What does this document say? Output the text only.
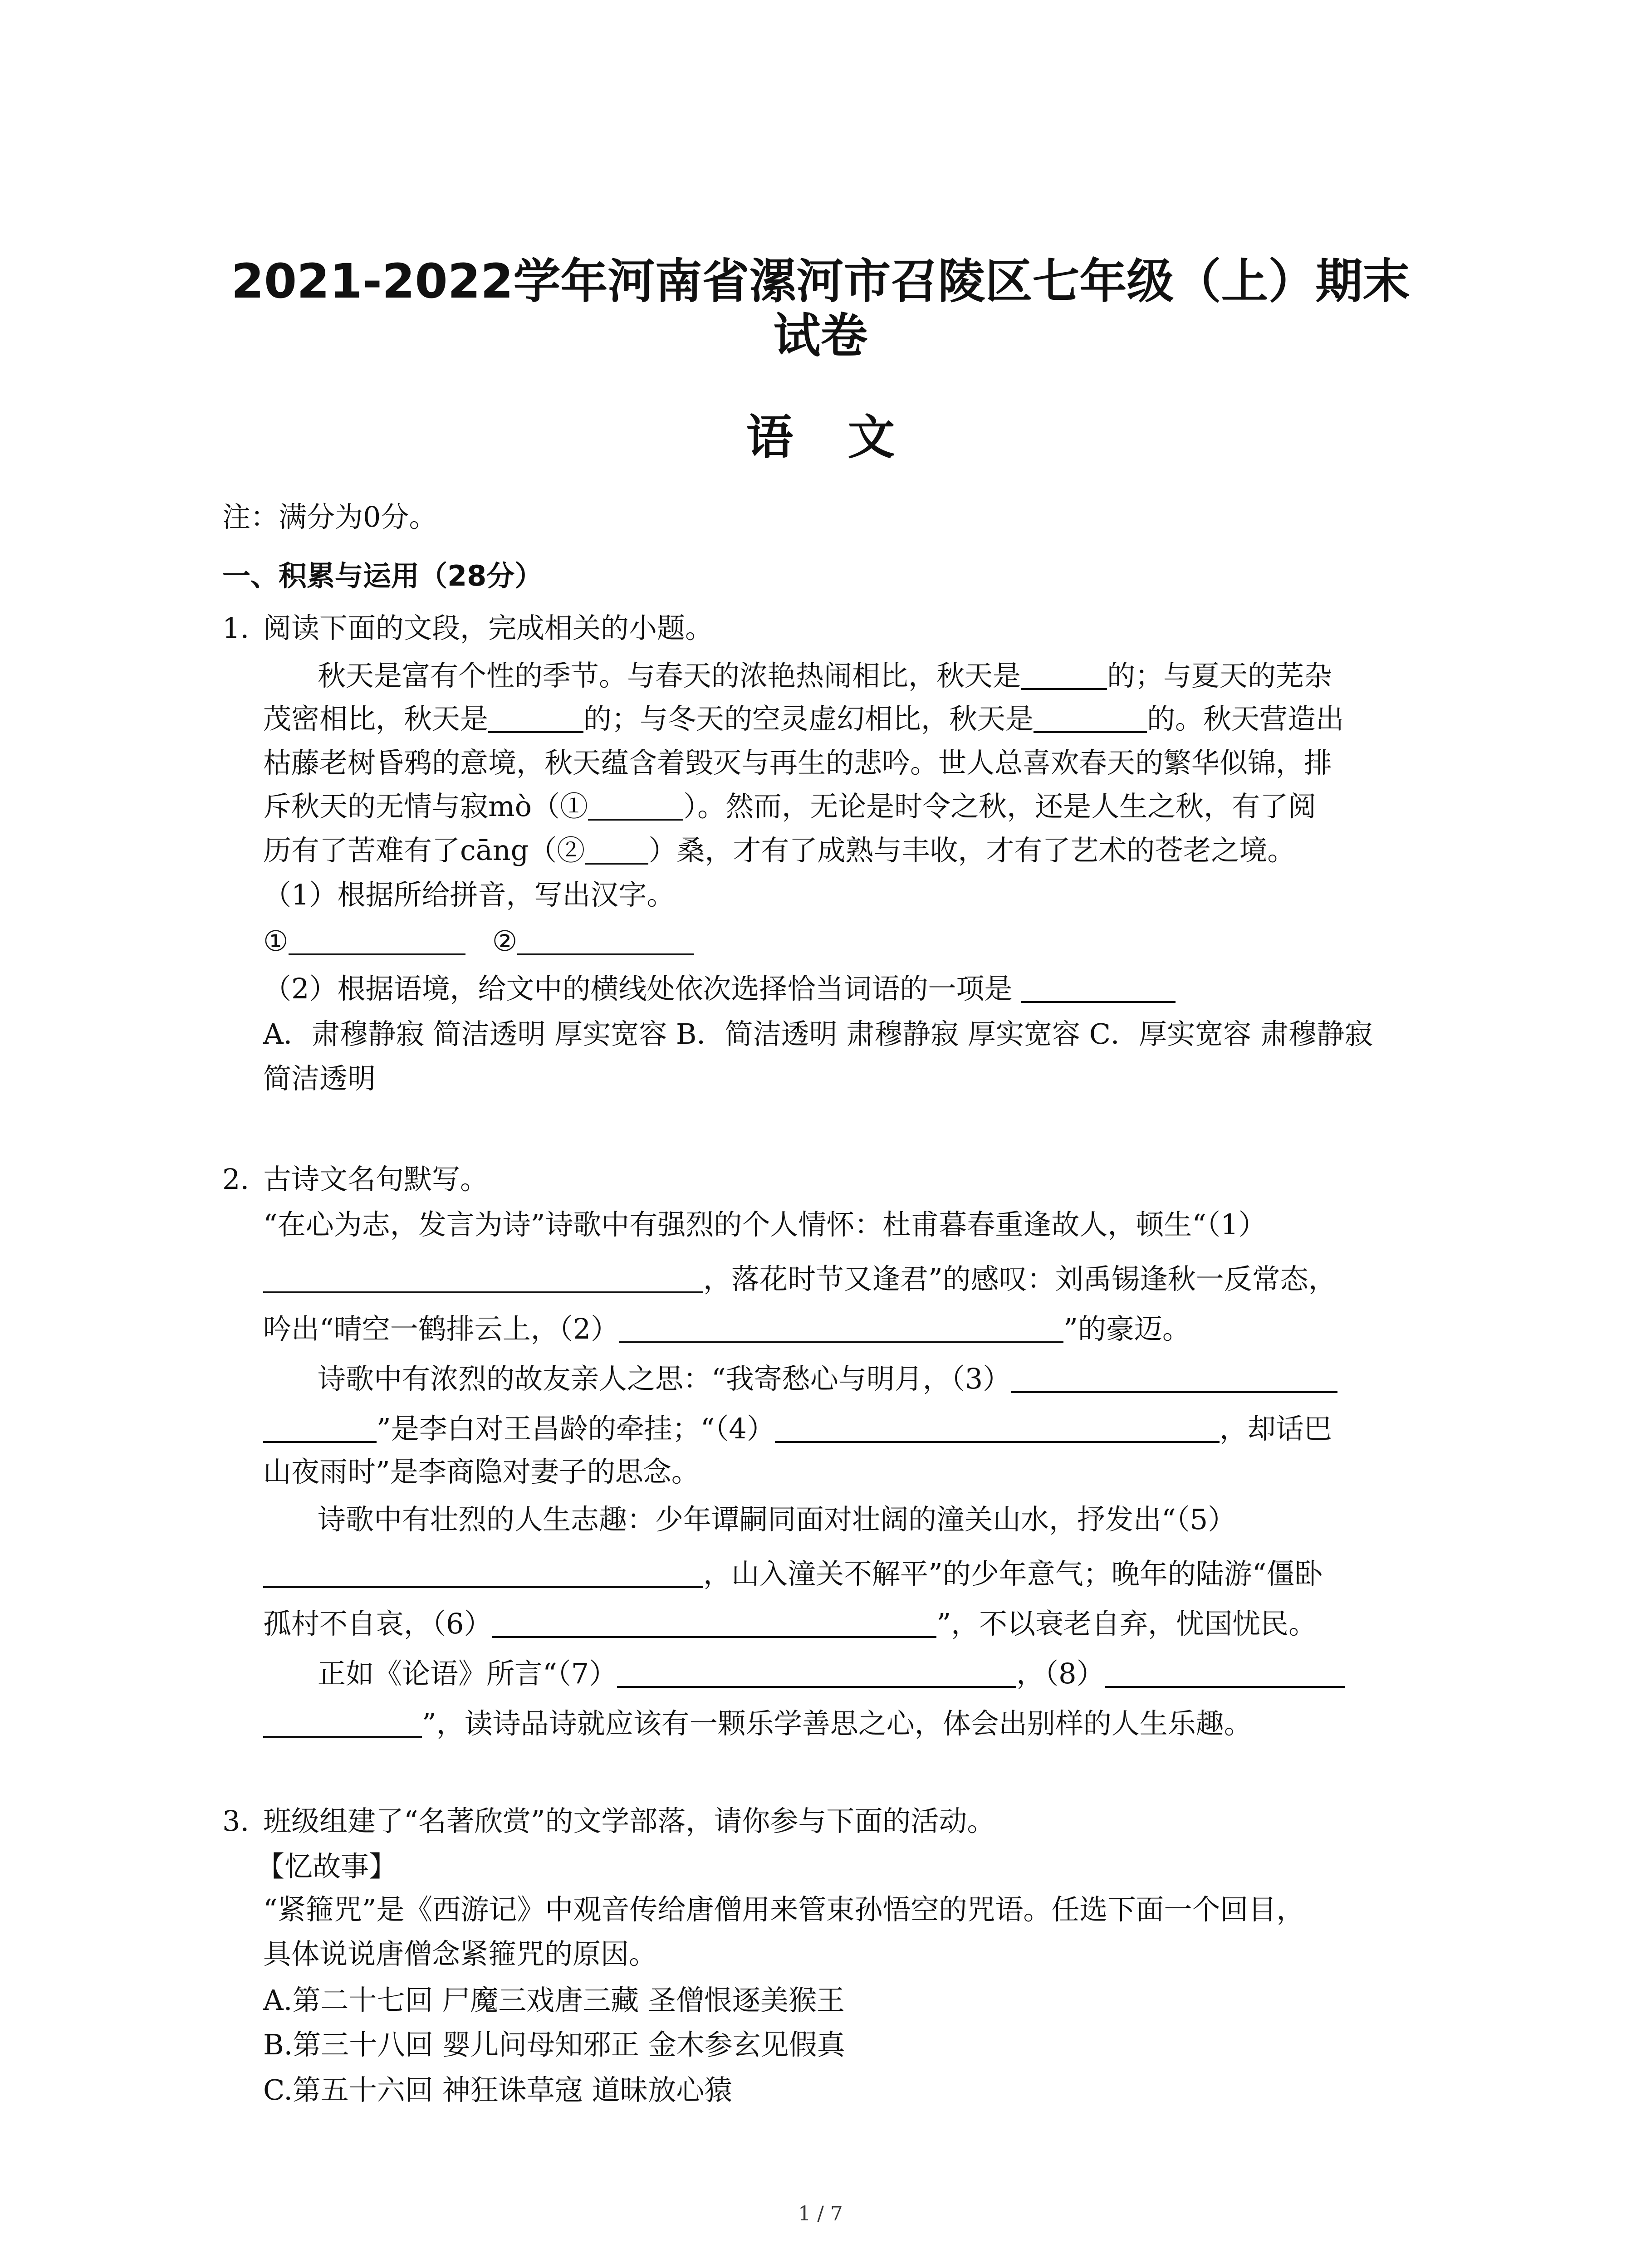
2021-2022学年河南省漯河市召陵区七年级（上）期末
试卷
语文
注：满分为0分。
一、积累与运用（28分）
1. 阅读下面的文段，完成相关的小题。
秋天是富有个性的季节。与春天的浓艳热闹相比，秋天是	的；与夏天的芜杂
茂密相比，秋天是	的；与冬天的空灵虚幻相比，秋天是	的。秋天营造出
枯藤老树昏鸦的意境，秋天蕴含着毁灭与再生的悲吟。世人总喜欢春天的繁华似锦，排
斥秋天的无情与寂mò（①	）。然而，无论是时令之秋，还是人生之秋，有了阅
历有了苦难有了cāng（② ）桑，才有了成熟与丰收，才有了艺术的苍老之境。
（1）根据所给拼音，写出汉字。
①	②
（2）根据语境，给文中的横线处依次选择恰当词语的一项是
A．肃穆静寂 简洁透明 厚实宽容 B．简洁透明 肃穆静寂 厚实宽容 C．厚实宽容 肃穆静寂
简洁透明
2. 古诗文名句默写。
“在心为志，发言为诗”诗歌中有强烈的个人情怀：杜甫暮春重逢故人，顿生“（1）
，落花时节又逢君”的感叹：刘禹锡逢秋一反常态，
吟出“晴空一鹤排云上，（2）	”的豪迈。
诗歌中有浓烈的故友亲人之思：“我寄愁心与明月，（3）
”是李白对王昌龄的牵挂；“（4）	，却话巴
山夜雨时”是李商隐对妻子的思念。
诗歌中有壮烈的人生志趣：少年谭嗣同面对壮阔的潼关山水，抒发出“（5）
，山入潼关不解平”的少年意气；晚年的陆游“僵卧
孤村不自哀，（6）	”，不以衰老自弃，忧国忧民。
正如《论语》所言“（7）	，（8）
”，读诗品诗就应该有一颗乐学善思之心，体会出别样的人生乐趣。
3. 班级组建了“名著欣赏”的文学部落，请你参与下面的活动。
【忆故事】
“紧箍咒”是《西游记》中观音传给唐僧用来管束孙悟空的咒语。任选下面一个回目，
具体说说唐僧念紧箍咒的原因。
A.第二十七回 尸魔三戏唐三藏 圣僧恨逐美猴王
B.第三十八回 婴儿问母知邪正 金木参玄见假真
C.第五十六回 神狂诛草寇 道昧放心猿
1 / 7
